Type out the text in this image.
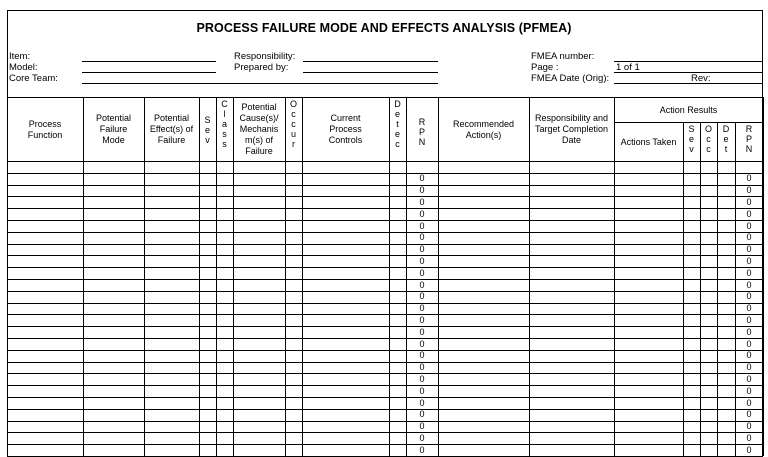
PROCESS FAILURE MODE AND EFFECTS ANALYSIS (PFMEA)
Item:
Model:
Core Team:
Responsibility:
Prepared by:
FMEA number:
Page :
FMEA Date (Orig):
1 of 1
Rev:
Process Function
Potential Failure Mode
Potential Effect(s) of Failure
Potential Cause(s)/ Mechanis m(s) of Failure
Current Process Controls
Recommended Action(s)
Responsibility and Target Completion Date
Action Results
Actions Taken
S
e
v
C
l
a
s
s
O
c
c
u
r
D
e
t
e
c
R
P
N
S
e
v
O
c
c
D
e
t
R
P
N
0
0
0
0
0
0
0
0
0
0
0
0
0
0
0
0
0
0
0
0
0
0
0
0
0
0
0
0
0
0
0
0
0
0
0
0
0
0
0
0
0
0
0
0
0
0
0
0
